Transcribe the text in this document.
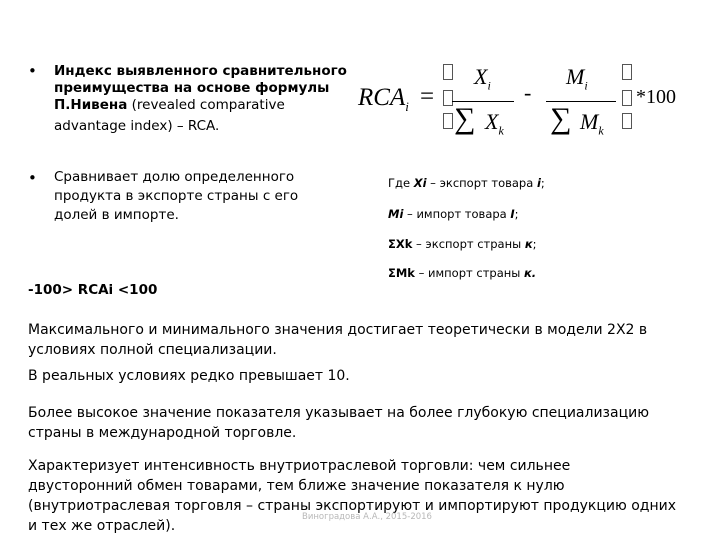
• Индекс выявленного сравнительного
преимущества на основе формулы
П.Нивена (revealed comparative
advantage index) – RCA.
• Сравнивает долю определенного
продукта в экспорте страны с его
долей в импорте.
$RCA_i$ =
$X_i$
∑ $X_k$
-
$M_i$
∑ $M_k$
*100
Где Xi – экспорт товара i;
Mi – импорт товара I;
ΣXk – экспорт страны к;
ΣMk – импорт страны к.
-100> RCAi <100
Максимального и минимального значения достигает теоретически в модели 2Х2 в условиях полной специализации.
В реальных условиях редко превышает 10.
Более высокое значение показателя указывает на более глубокую специализацию страны в международной торговле.
Характеризует интенсивность внутриотраслевой торговли: чем сильнее двусторонний обмен товарами, тем ближе значение показателя к нулю (внутриотраслевая торговля – страны экспортируют и импортируют продукцию одних и тех же отраслей).
Виноградова А.А., 2015-2016
